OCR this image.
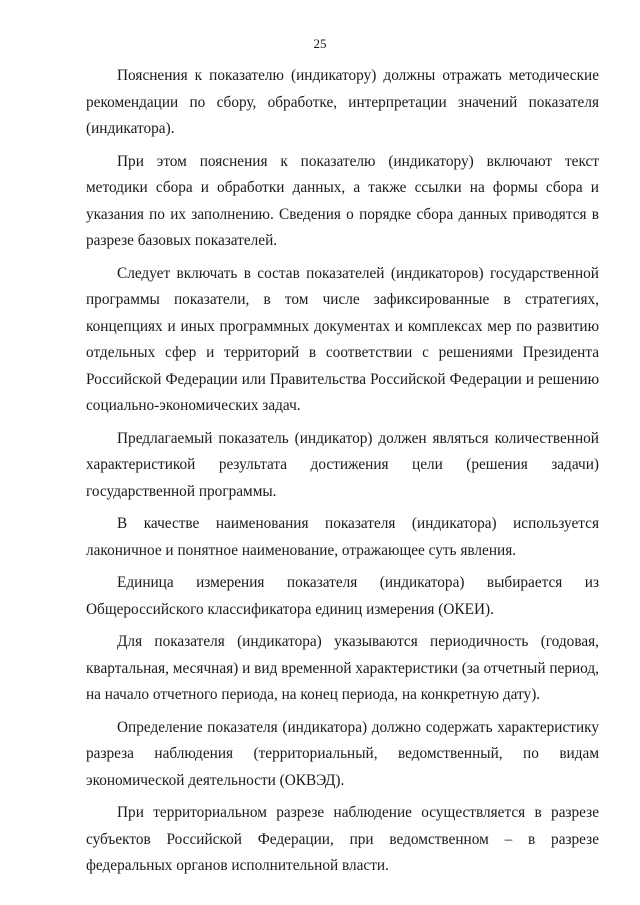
25

Пояснения к показателю (индикатору) должны отражать методические рекомендации по сбору, обработке, интерпретации значений показателя (индикатора).

При этом пояснения к показателю (индикатору) включают текст методики сбора и обработки данных, а также ссылки на формы сбора и указания по их заполнению. Сведения о порядке сбора данных приводятся в разрезе базовых показателей.

Следует включать в состав показателей (индикаторов) государственной программы показатели, в том числе зафиксированные в стратегиях, концепциях и иных программных документах и комплексах мер по развитию отдельных сфер и территорий в соответствии с решениями Президента Российской Федерации или Правительства Российской Федерации и решению социально-экономических задач.

Предлагаемый показатель (индикатор) должен являться количественной характеристикой результата достижения цели (решения задачи) государственной программы.

В качестве наименования показателя (индикатора) используется лаконичное и понятное наименование, отражающее суть явления.

Единица измерения показателя (индикатора) выбирается из Общероссийского классификатора единиц измерения (ОКЕИ).

Для показателя (индикатора) указываются периодичность (годовая, квартальная, месячная) и вид временной характеристики (за отчетный период, на начало отчетного периода, на конец периода, на конкретную дату).

Определение показателя (индикатора) должно содержать характеристику разреза наблюдения (территориальный, ведомственный, по видам экономической деятельности (ОКВЭД).

При территориальном разрезе наблюдение осуществляется в разрезе субъектов Российской Федерации, при ведомственном – в разрезе федеральных органов исполнительной власти.
